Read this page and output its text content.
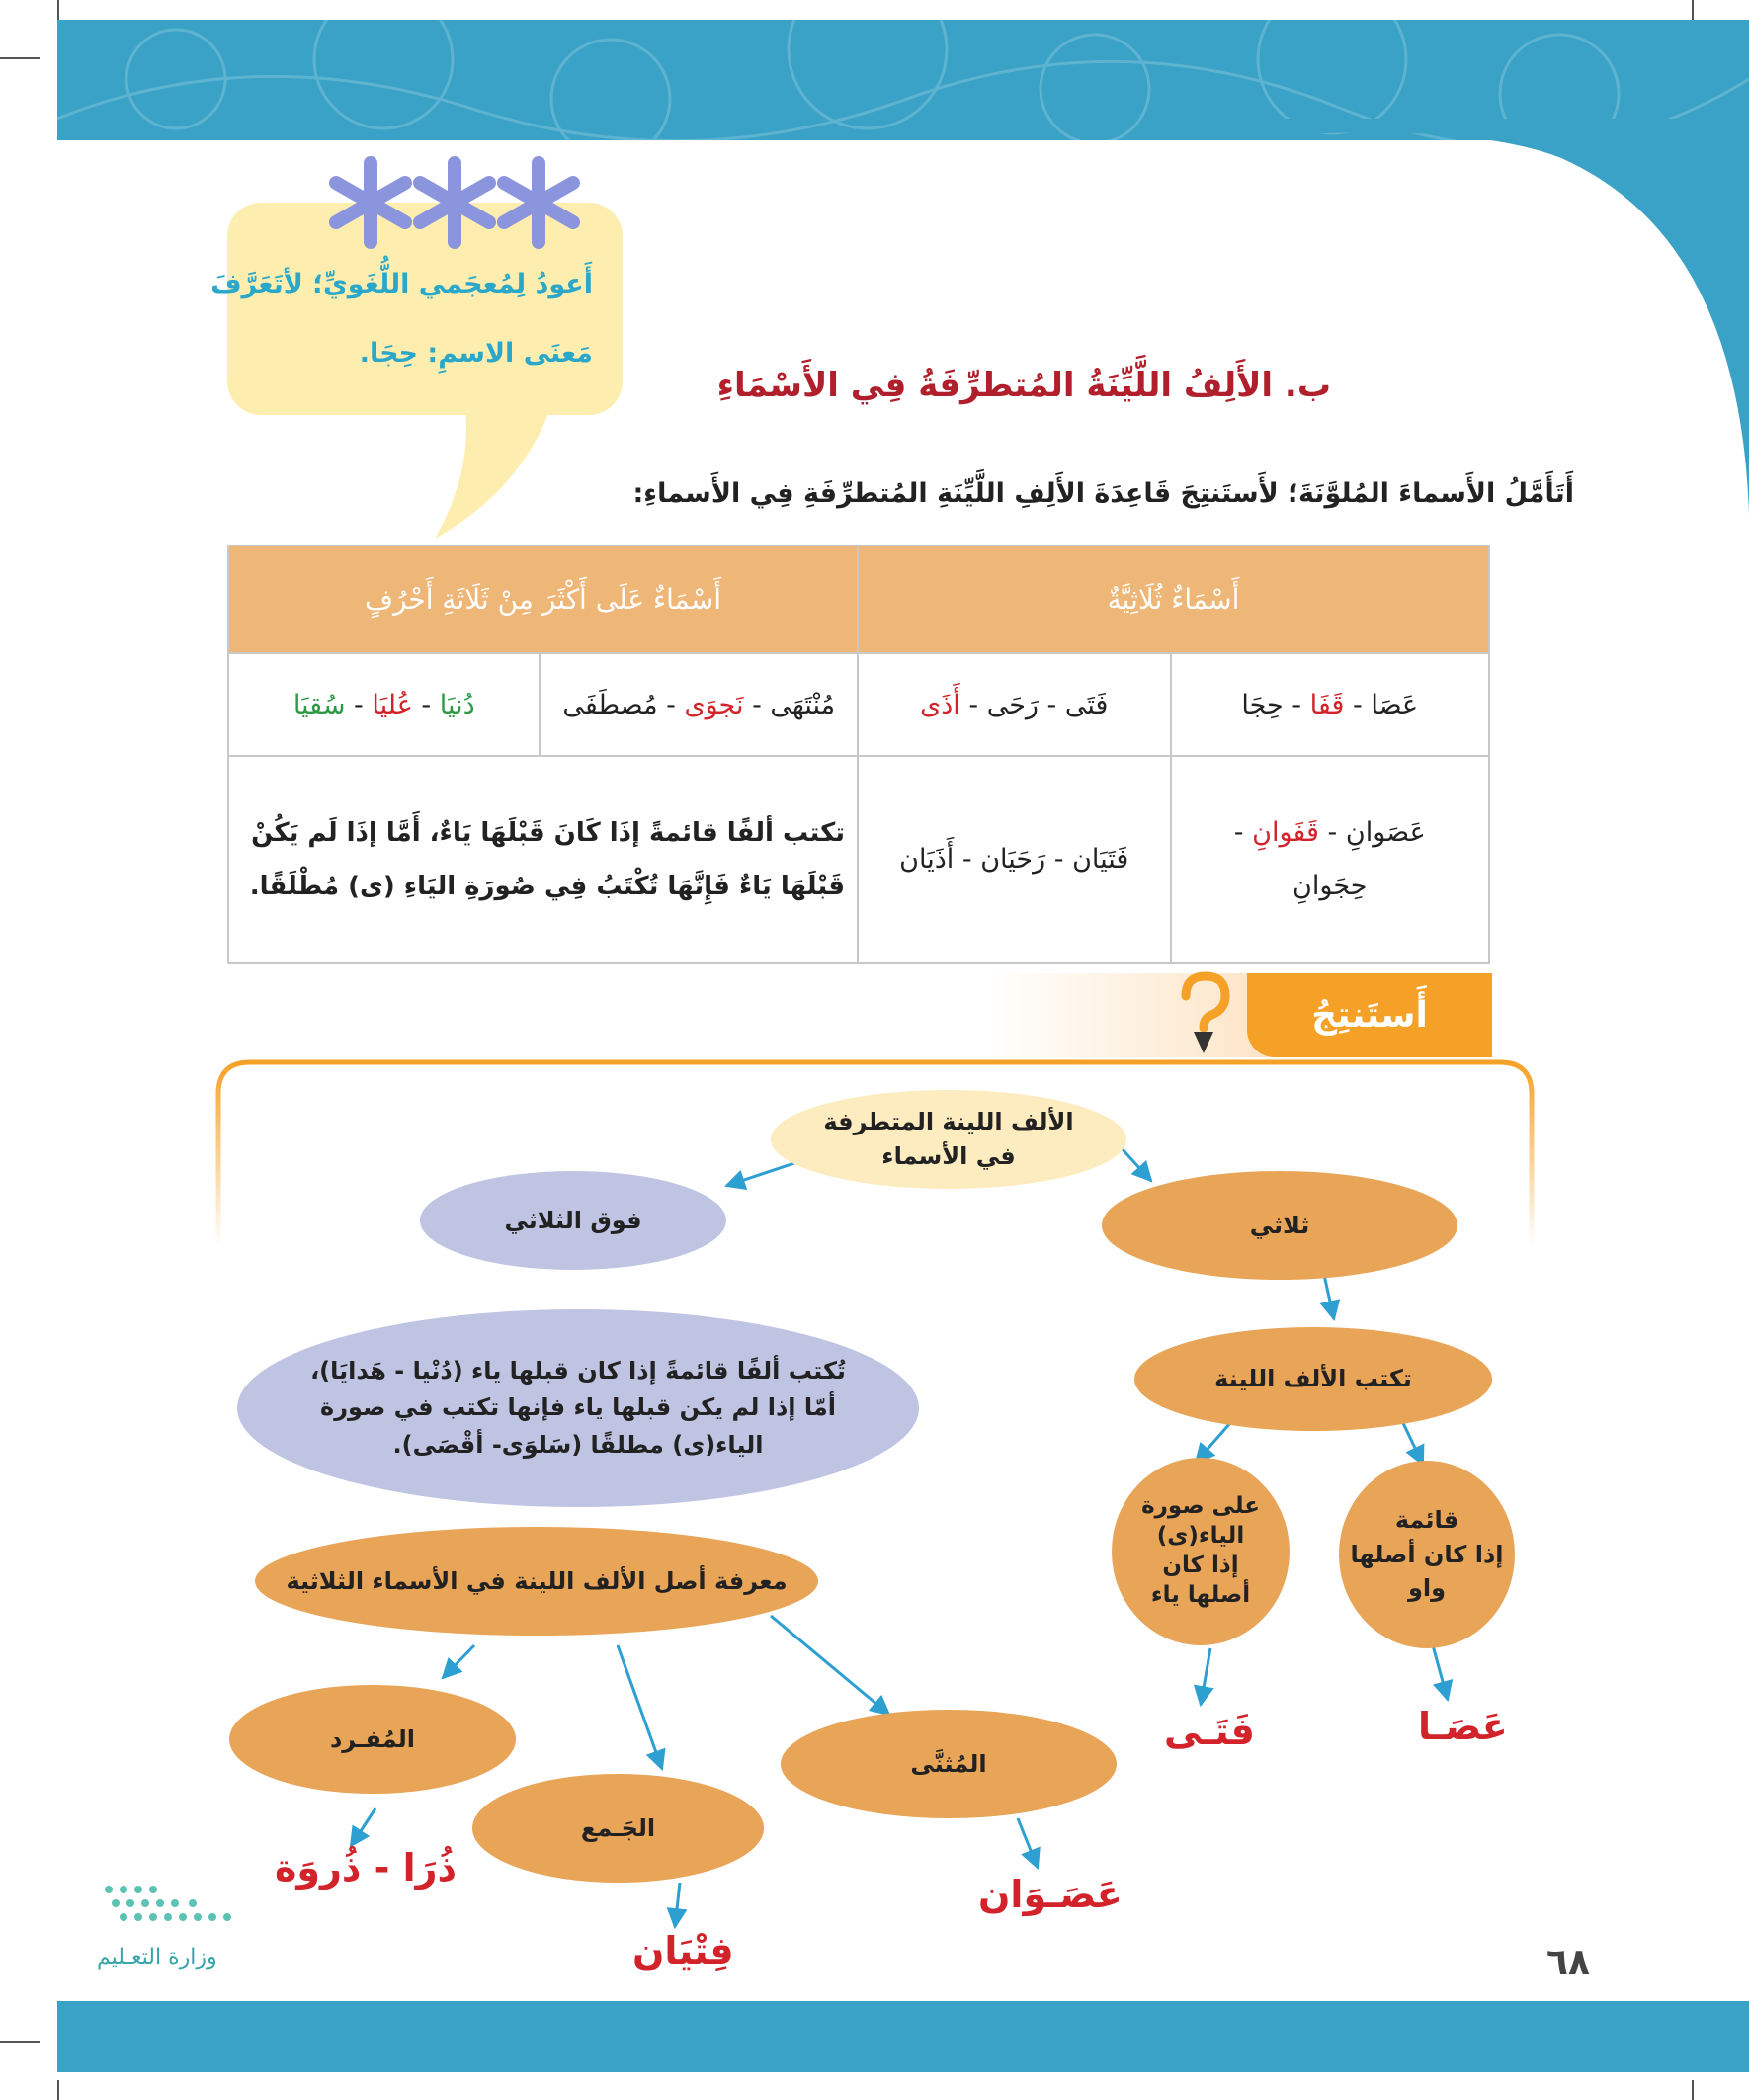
أَعودُ لِمُعجَمي اللُّغَويِّ؛ لأتَعَرَّفَ
مَعنَى الاسمِ: حِجَا.
ب. الأَلِفُ اللَّيِّنَةُ المُتطرِّفَةُ فِي الأَسْمَاءِ
أَتَأَمَّلُ الأَسماءَ المُلوَّنَةَ؛ لأَستَنتِجَ قَاعِدَةَ الأَلِفِ اللَّيِّنَةِ المُتطرِّفَةِ فِي الأَسماءِ:
أَسْمَاءٌ ثُلَاثِيَّةٌ		أَسْمَاءٌ عَلَى أَكْثَرَ مِنْ ثَلَاثَةِ أَحْرُفٍ	
عَصَا - قَفَا - حِجَا	فَتَى - رَحَى - أَذَى	مُنْتَهَى - نَجوَى - مُصطَفَى	دُنيَا - عُليَا - سُقيَا
عَصَوانِ - قَفَوانِ -
حِجَوانِ	فَتَيَان - رَحَيَان - أَذَيَان	تكتب ألفًا قائمةً إذَا كَانَ قَبْلَهَا يَاءٌ، أَمَّا إذَا لَم يَكُنْ
قَبْلَهَا يَاءٌ فَإِنَّهَا تُكْتَبُ فِي صُورَةِ اليَاءِ (ى) مُطْلَقًا.	
أَستَنتِجُ
الألف اللينة المتطرفة
في الأسماء
فوق الثلاثي	ثلاثي
تُكتب ألفًا قائمةً إذا كان قبلها ياء (دُنْيا - هَدايَا)،
أمّا إذا لم يكن قبلها ياء فإنها تكتب في صورة
الياء(ى) مطلقًا (سَلوَى- أقْصَى).
تكتب الألف اللينة
قائمة
إذا كان أصلها
واو
على صورة
الياء(ى)
إذا كان
أصلها ياء
معرفة أصل الألف اللينة في الأسماء الثلاثية
المُفـرد
الجَـمع
المُثنَّى
عَصَـا
فَتَـى
ذُرَا - ذُروَة
فِتْيَان
عَصَـوَان
٦٨
وزارة التعـليم
